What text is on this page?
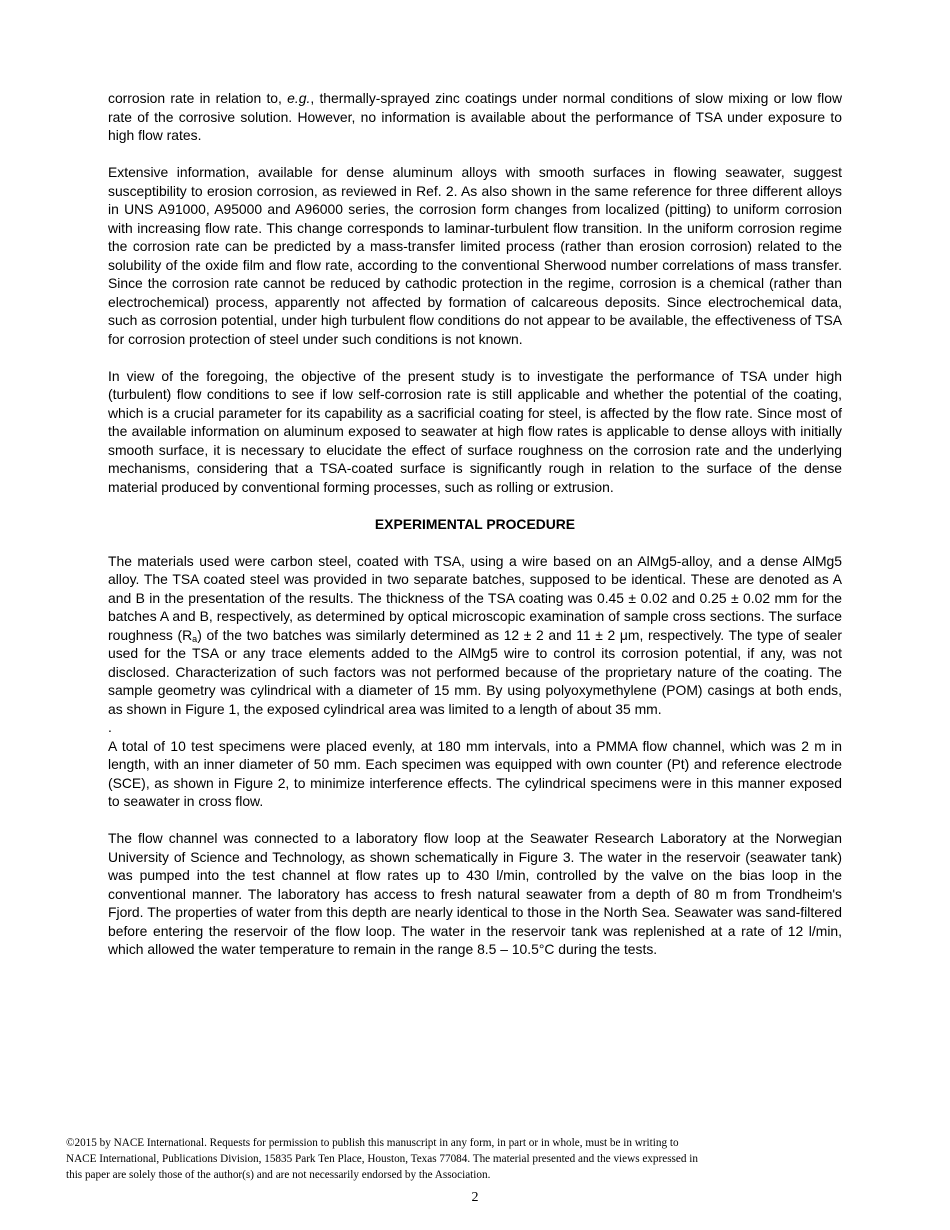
corrosion rate in relation to, e.g., thermally-sprayed zinc coatings under normal conditions of slow mixing or low flow rate of the corrosive solution. However, no information is available about the performance of TSA under exposure to high flow rates.

Extensive information, available for dense aluminum alloys with smooth surfaces in flowing seawater, suggest susceptibility to erosion corrosion, as reviewed in Ref. 2. As also shown in the same reference for three different alloys in UNS A91000, A95000 and A96000 series, the corrosion form changes from localized (pitting) to uniform corrosion with increasing flow rate. This change corresponds to laminar-turbulent flow transition. In the uniform corrosion regime the corrosion rate can be predicted by a mass-transfer limited process (rather than erosion corrosion) related to the solubility of the oxide film and flow rate, according to the conventional Sherwood number correlations of mass transfer. Since the corrosion rate cannot be reduced by cathodic protection in the regime, corrosion is a chemical (rather than electrochemical) process, apparently not affected by formation of calcareous deposits. Since electrochemical data, such as corrosion potential, under high turbulent flow conditions do not appear to be available, the effectiveness of TSA for corrosion protection of steel under such conditions is not known.

In view of the foregoing, the objective of the present study is to investigate the performance of TSA under high (turbulent) flow conditions to see if low self-corrosion rate is still applicable and whether the potential of the coating, which is a crucial parameter for its capability as a sacrificial coating for steel, is affected by the flow rate. Since most of the available information on aluminum exposed to seawater at high flow rates is applicable to dense alloys with initially smooth surface, it is necessary to elucidate the effect of surface roughness on the corrosion rate and the underlying mechanisms, considering that a TSA-coated surface is significantly rough in relation to the surface of the dense material produced by conventional forming processes, such as rolling or extrusion.

EXPERIMENTAL PROCEDURE

The materials used were carbon steel, coated with TSA, using a wire based on an AlMg5-alloy, and a dense AlMg5 alloy. The TSA coated steel was provided in two separate batches, supposed to be identical. These are denoted as A and B in the presentation of the results. The thickness of the TSA coating was 0.45 ± 0.02 and 0.25 ± 0.02 mm for the batches A and B, respectively, as determined by optical microscopic examination of sample cross sections. The surface roughness $(R_a)$ of the two batches was similarly determined as 12 ± 2 and 11 ± 2 μm, respectively. The type of sealer used for the TSA or any trace elements added to the AlMg5 wire to control its corrosion potential, if any, was not disclosed. Characterization of such factors was not performed because of the proprietary nature of the coating. The sample geometry was cylindrical with a diameter of 15 mm. By using polyoxymethylene (POM) casings at both ends, as shown in Figure 1, the exposed cylindrical area was limited to a length of about 35 mm.

.

A total of 10 test specimens were placed evenly, at 180 mm intervals, into a PMMA flow channel, which was 2 m in length, with an inner diameter of 50 mm. Each specimen was equipped with own counter (Pt) and reference electrode (SCE), as shown in Figure 2, to minimize interference effects. The cylindrical specimens were in this manner exposed to seawater in cross flow.

The flow channel was connected to a laboratory flow loop at the Seawater Research Laboratory at the Norwegian University of Science and Technology, as shown schematically in Figure 3. The water in the reservoir (seawater tank) was pumped into the test channel at flow rates up to 430 l/min, controlled by the valve on the bias loop in the conventional manner. The laboratory has access to fresh natural seawater from a depth of 80 m from Trondheim's Fjord. The properties of water from this depth are nearly identical to those in the North Sea. Seawater was sand-filtered before entering the reservoir of the flow loop. The water in the reservoir tank was replenished at a rate of 12 l/min, which allowed the water temperature to remain in the range 8.5 – 10.5°C during the tests.

©2015 by NACE International. Requests for permission to publish this manuscript in any form, in part or in whole, must be in writing to
NACE International, Publications Division, 15835 Park Ten Place, Houston, Texas 77084. The material presented and the views expressed in
this paper are solely those of the author(s) and are not necessarily endorsed by the Association.
2
